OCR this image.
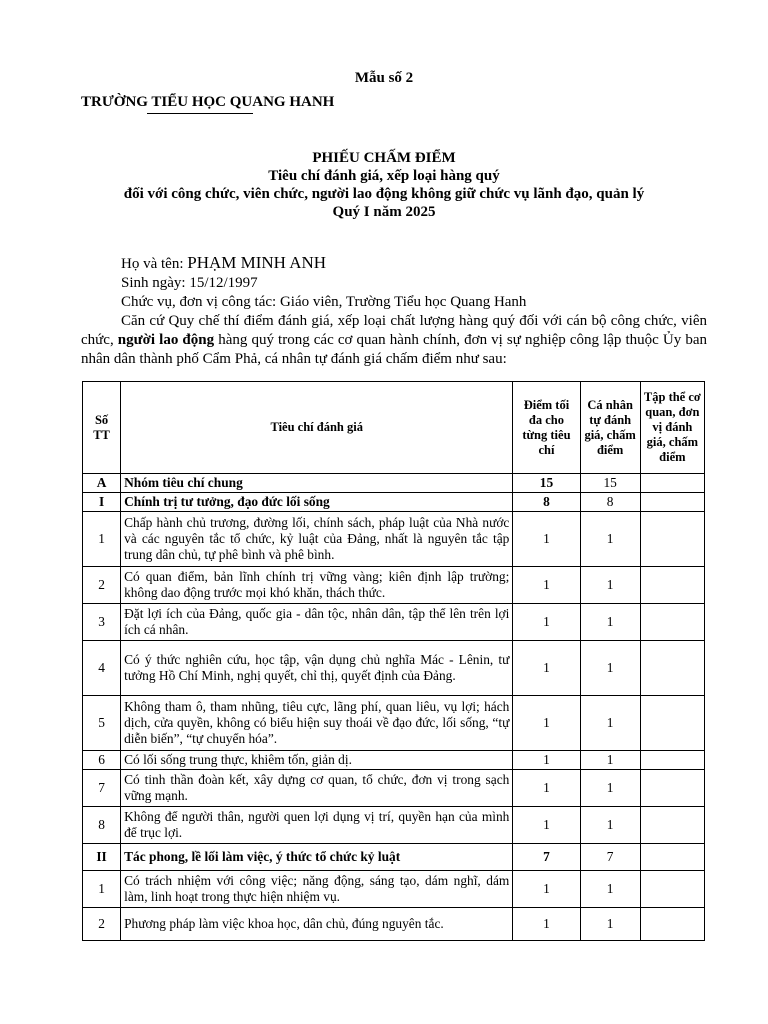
Mẫu số 2
TRƯỜNG TIỂU HỌC QUANG HANH
PHIẾU CHẤM ĐIỂM
Tiêu chí đánh giá, xếp loại hàng quý
đối với công chức, viên chức, người lao động không giữ chức vụ lãnh đạo, quản lý
Quý I năm 2025
Họ và tên: PHẠM MINH ANH
Sinh ngày: 15/12/1997
Chức vụ, đơn vị công tác: Giáo viên, Trường Tiểu học Quang Hanh
Căn cứ Quy chế thí điểm đánh giá, xếp loại chất lượng hàng quý đối với cán bộ công chức, viên chức, người lao động hàng quý trong các cơ quan hành chính, đơn vị sự nghiệp công lập thuộc Ủy ban nhân dân thành phố Cẩm Phả, cá nhân tự đánh giá chấm điểm như sau:
Số TT	Tiêu chí đánh giá	Điểm tối đa cho từng tiêu chí	Cá nhân tự đánh giá, chấm điểm	Tập thể cơ quan, đơn vị đánh giá, chấm điểm
A	Nhóm tiêu chí chung	15	15	
I	Chính trị tư tưởng, đạo đức lối sống	8	8	
1	Chấp hành chủ trương, đường lối, chính sách, pháp luật của Nhà nước và các nguyên tắc tổ chức, kỷ luật của Đảng, nhất là nguyên tắc tập trung dân chủ, tự phê bình và phê bình.	1	1	
2	Có quan điểm, bản lĩnh chính trị vững vàng; kiên định lập trường; không dao động trước mọi khó khăn, thách thức.	1	1	
3	Đặt lợi ích của Đảng, quốc gia - dân tộc, nhân dân, tập thể lên trên lợi ích cá nhân.	1	1	
4	Có ý thức nghiên cứu, học tập, vận dụng chủ nghĩa Mác - Lênin, tư tưởng Hồ Chí Minh, nghị quyết, chỉ thị, quyết định của Đảng.	1	1	
5	Không tham ô, tham nhũng, tiêu cực, lãng phí, quan liêu, vụ lợi; hách dịch, cửa quyền, không có biểu hiện suy thoái về đạo đức, lối sống, “tự diễn biến”, “tự chuyển hóa”.	1	1	
6	Có lối sống trung thực, khiêm tốn, giản dị.	1	1	
7	Có tinh thần đoàn kết, xây dựng cơ quan, tổ chức, đơn vị trong sạch vững mạnh.	1	1	
8	Không để người thân, người quen lợi dụng vị trí, quyền hạn của mình để trục lợi.	1	1	
II	Tác phong, lề lối làm việc, ý thức tổ chức kỷ luật	7	7	
1	Có trách nhiệm với công việc; năng động, sáng tạo, dám nghĩ, dám làm, linh hoạt trong thực hiện nhiệm vụ.	1	1	
2	Phương pháp làm việc khoa học, dân chủ, đúng nguyên tắc.	1	1	
